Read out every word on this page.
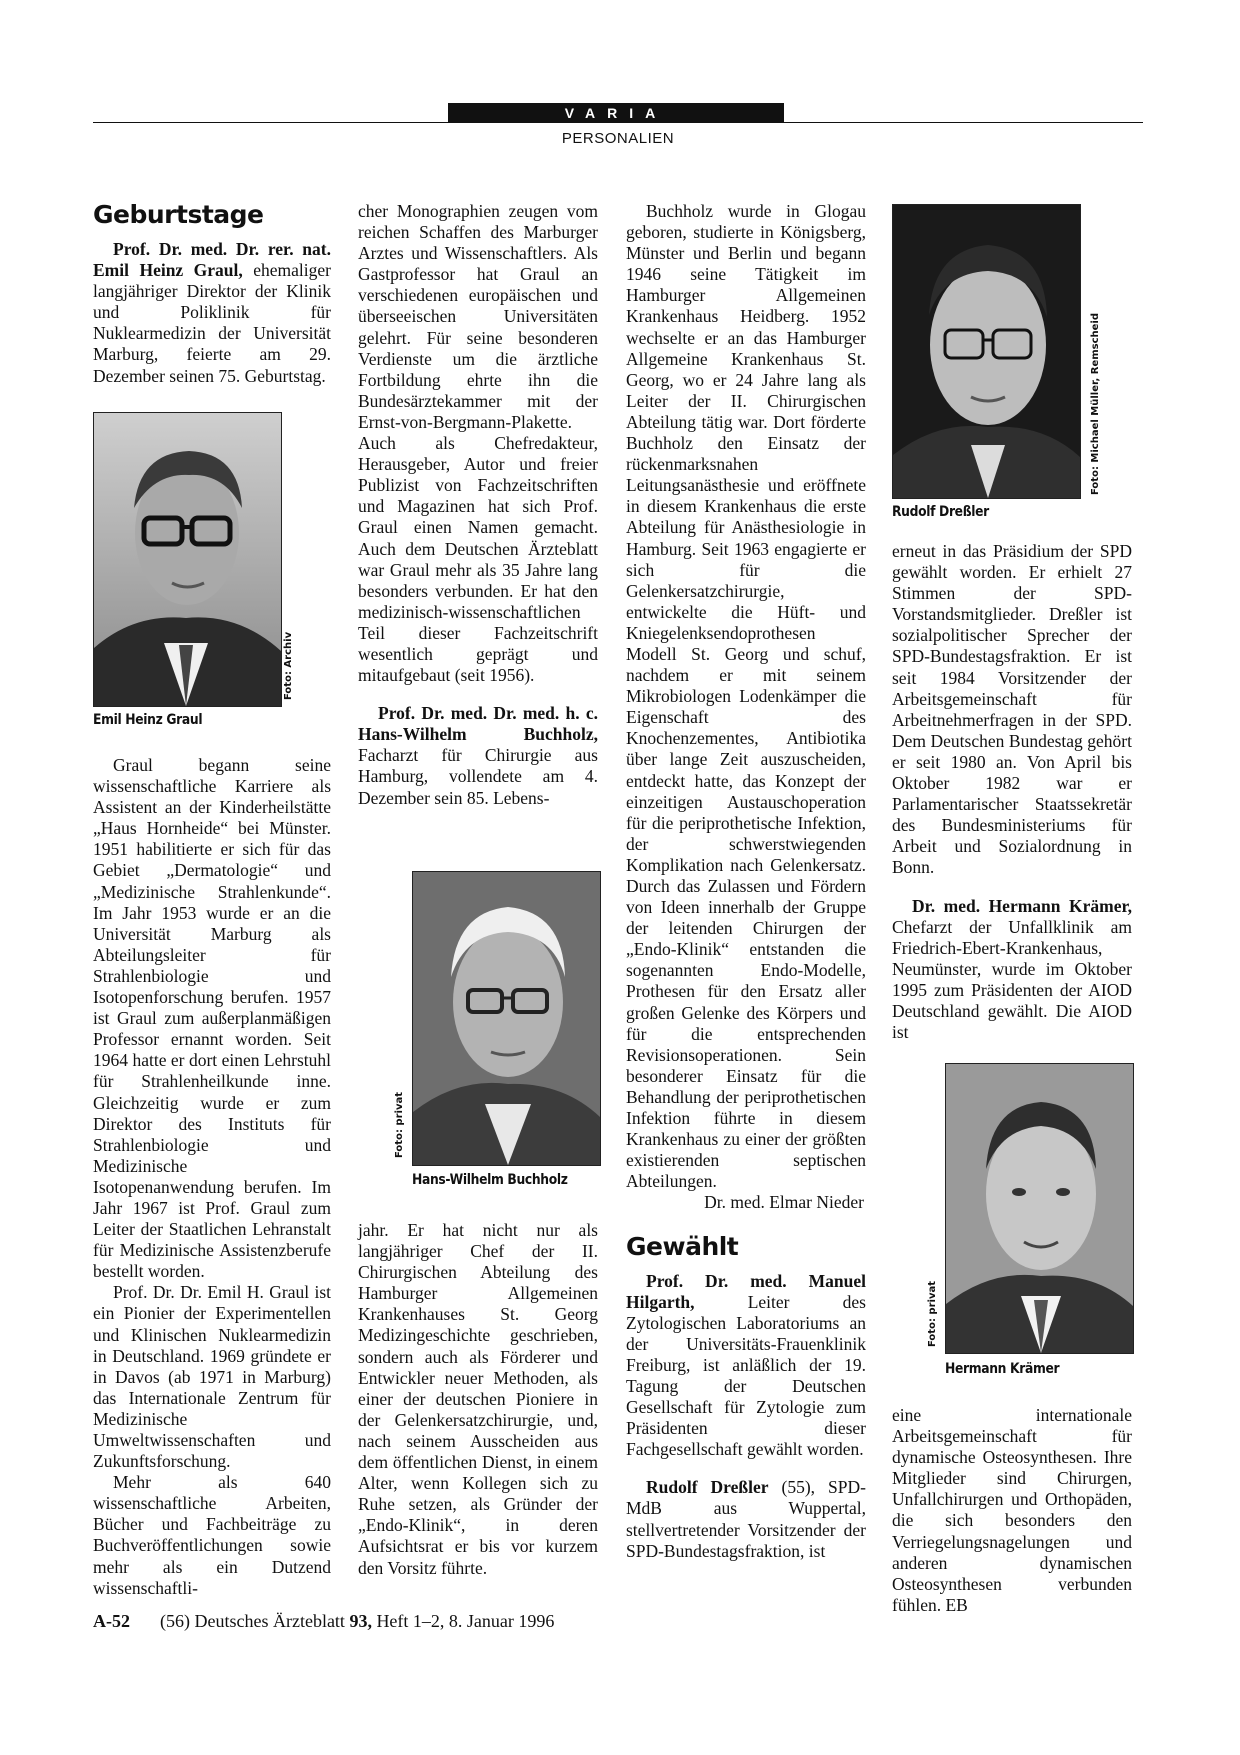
VARIA
PERSONALIEN
Geburtstage

Prof. Dr. med. Dr. rer. nat. Emil Heinz Graul, ehemaliger langjähriger Direktor der Klinik und Poliklinik für Nuklearmedizin der Universität Marburg, feierte am 29. Dezember seinen 75. Geburtstag.

Foto: Archiv
Emil Heinz Graul

Graul begann seine wissenschaftliche Karriere als Assistent an der Kinderheilstätte „Haus Hornheide“ bei Münster. 1951 habilitierte er sich für das Gebiet „Dermatologie“ und „Medizinische Strahlenkunde“. Im Jahr 1953 wurde er an die Universität Marburg als Abteilungsleiter für Strahlenbiologie und Isotopenforschung berufen. 1957 ist Graul zum außerplanmäßigen Professor ernannt worden. Seit 1964 hatte er dort einen Lehrstuhl für Strahlenheilkunde inne. Gleichzeitig wurde er zum Direktor des Instituts für Strahlenbiologie und Medizinische Isotopenanwendung berufen. Im Jahr 1967 ist Prof. Graul zum Leiter der Staatlichen Lehranstalt für Medizinische Assistenzberufe bestellt worden.

Prof. Dr. Dr. Emil H. Graul ist ein Pionier der Experimentellen und Klinischen Nuklearmedizin in Deutschland. 1969 gründete er in Davos (ab 1971 in Marburg) das Internationale Zentrum für Medizinische Umweltwissenschaften und Zukunftsforschung.

Mehr als 640 wissenschaftliche Arbeiten, Bücher und Fachbeiträge zu Buchveröffentlichungen sowie mehr als ein Dutzend wissenschaftli-

cher Monographien zeugen vom reichen Schaffen des Marburger Arztes und Wissenschaftlers. Als Gastprofessor hat Graul an verschiedenen europäischen und überseeischen Universitäten gelehrt. Für seine besonderen Verdienste um die ärztliche Fortbildung ehrte ihn die Bundesärztekammer mit der Ernst-von-Bergmann-Plakette. Auch als Chefredakteur, Herausgeber, Autor und freier Publizist von Fachzeitschriften und Magazinen hat sich Prof. Graul einen Namen gemacht. Auch dem Deutschen Ärzteblatt war Graul mehr als 35 Jahre lang besonders verbunden. Er hat den medizinisch-wissenschaftlichen Teil dieser Fachzeitschrift wesentlich geprägt und mitaufgebaut (seit 1956).

Prof. Dr. med. Dr. med. h. c. Hans-Wilhelm Buchholz, Facharzt für Chirurgie aus Hamburg, vollendete am 4. Dezember sein 85. Lebens-

Foto: privat
Hans-Wilhelm Buchholz

jahr. Er hat nicht nur als langjähriger Chef der II. Chirurgischen Abteilung des Hamburger Allgemeinen Krankenhauses St. Georg Medizingeschichte geschrieben, sondern auch als Förderer und Entwickler neuer Methoden, als einer der deutschen Pioniere in der Gelenkersatzchirurgie, und, nach seinem Ausscheiden aus dem öffentlichen Dienst, in einem Alter, wenn Kollegen sich zu Ruhe setzen, als Gründer der „Endo-Klinik“, in deren Aufsichtsrat er bis vor kurzem den Vorsitz führte.

Buchholz wurde in Glogau geboren, studierte in Königsberg, Münster und Berlin und begann 1946 seine Tätigkeit im Hamburger Allgemeinen Krankenhaus Heidberg. 1952 wechselte er an das Hamburger Allgemeine Krankenhaus St. Georg, wo er 24 Jahre lang als Leiter der II. Chirurgischen Abteilung tätig war. Dort förderte Buchholz den Einsatz der rückenmarksnahen Leitungsanästhesie und eröffnete in diesem Krankenhaus die erste Abteilung für Anästhesiologie in Hamburg. Seit 1963 engagierte er sich für die Gelenkersatzchirurgie, entwickelte die Hüft- und Kniegelenksendoprothesen Modell St. Georg und schuf, nachdem er mit seinem Mikrobiologen Lodenkämper die Eigenschaft des Knochenzementes, Antibiotika über lange Zeit auszuscheiden, entdeckt hatte, das Konzept der einzeitigen Austauschoperation für die periprothetische Infektion, der schwerstwiegenden Komplikation nach Gelenkersatz. Durch das Zulassen und Fördern von Ideen innerhalb der Gruppe der leitenden Chirurgen der „Endo-Klinik“ entstanden die sogenannten Endo-Modelle, Prothesen für den Ersatz aller großen Gelenke des Körpers und für die entsprechenden Revisionsoperationen. Sein besonderer Einsatz für die Behandlung der periprothetischen Infektion führte in diesem Krankenhaus zu einer der größten existierenden septischen Abteilungen.

Dr. med. Elmar Nieder

Gewählt

Prof. Dr. med. Manuel Hilgarth, Leiter des Zytologischen Laboratoriums an der Universitäts-Frauenklinik Freiburg, ist anläßlich der 19. Tagung der Deutschen Gesellschaft für Zytologie zum Präsidenten dieser Fachgesellschaft gewählt worden.

Rudolf Dreßler (55), SPD-MdB aus Wuppertal, stellvertretender Vorsitzender der SPD-Bundestagsfraktion, ist

Foto: Michael Müller, Remscheid
Rudolf Dreßler

erneut in das Präsidium der SPD gewählt worden. Er erhielt 27 Stimmen der SPD-Vorstandsmitglieder. Dreßler ist sozialpolitischer Sprecher der SPD-Bundestagsfraktion. Er ist seit 1984 Vorsitzender der Arbeitsgemeinschaft für Arbeitnehmerfragen in der SPD. Dem Deutschen Bundestag gehört er seit 1980 an. Von April bis Oktober 1982 war er Parlamentarischer Staatssekretär des Bundesministeriums für Arbeit und Sozialordnung in Bonn.

Dr. med. Hermann Krämer, Chefarzt der Unfallklinik am Friedrich-Ebert-Krankenhaus, Neumünster, wurde im Oktober 1995 zum Präsidenten der AIOD Deutschland gewählt. Die AIOD ist

Foto: privat
Hermann Krämer

eine internationale Arbeitsgemeinschaft für dynamische Osteosynthesen. Ihre Mitglieder sind Chirurgen, Unfallchirurgen und Orthopäden, die sich besonders den Verriegelungsnagelungen und anderen dynamischen Osteosynthesen verbunden fühlen. EB

A-52 (56) Deutsches Ärzteblatt 93, Heft 1–2, 8. Januar 1996
